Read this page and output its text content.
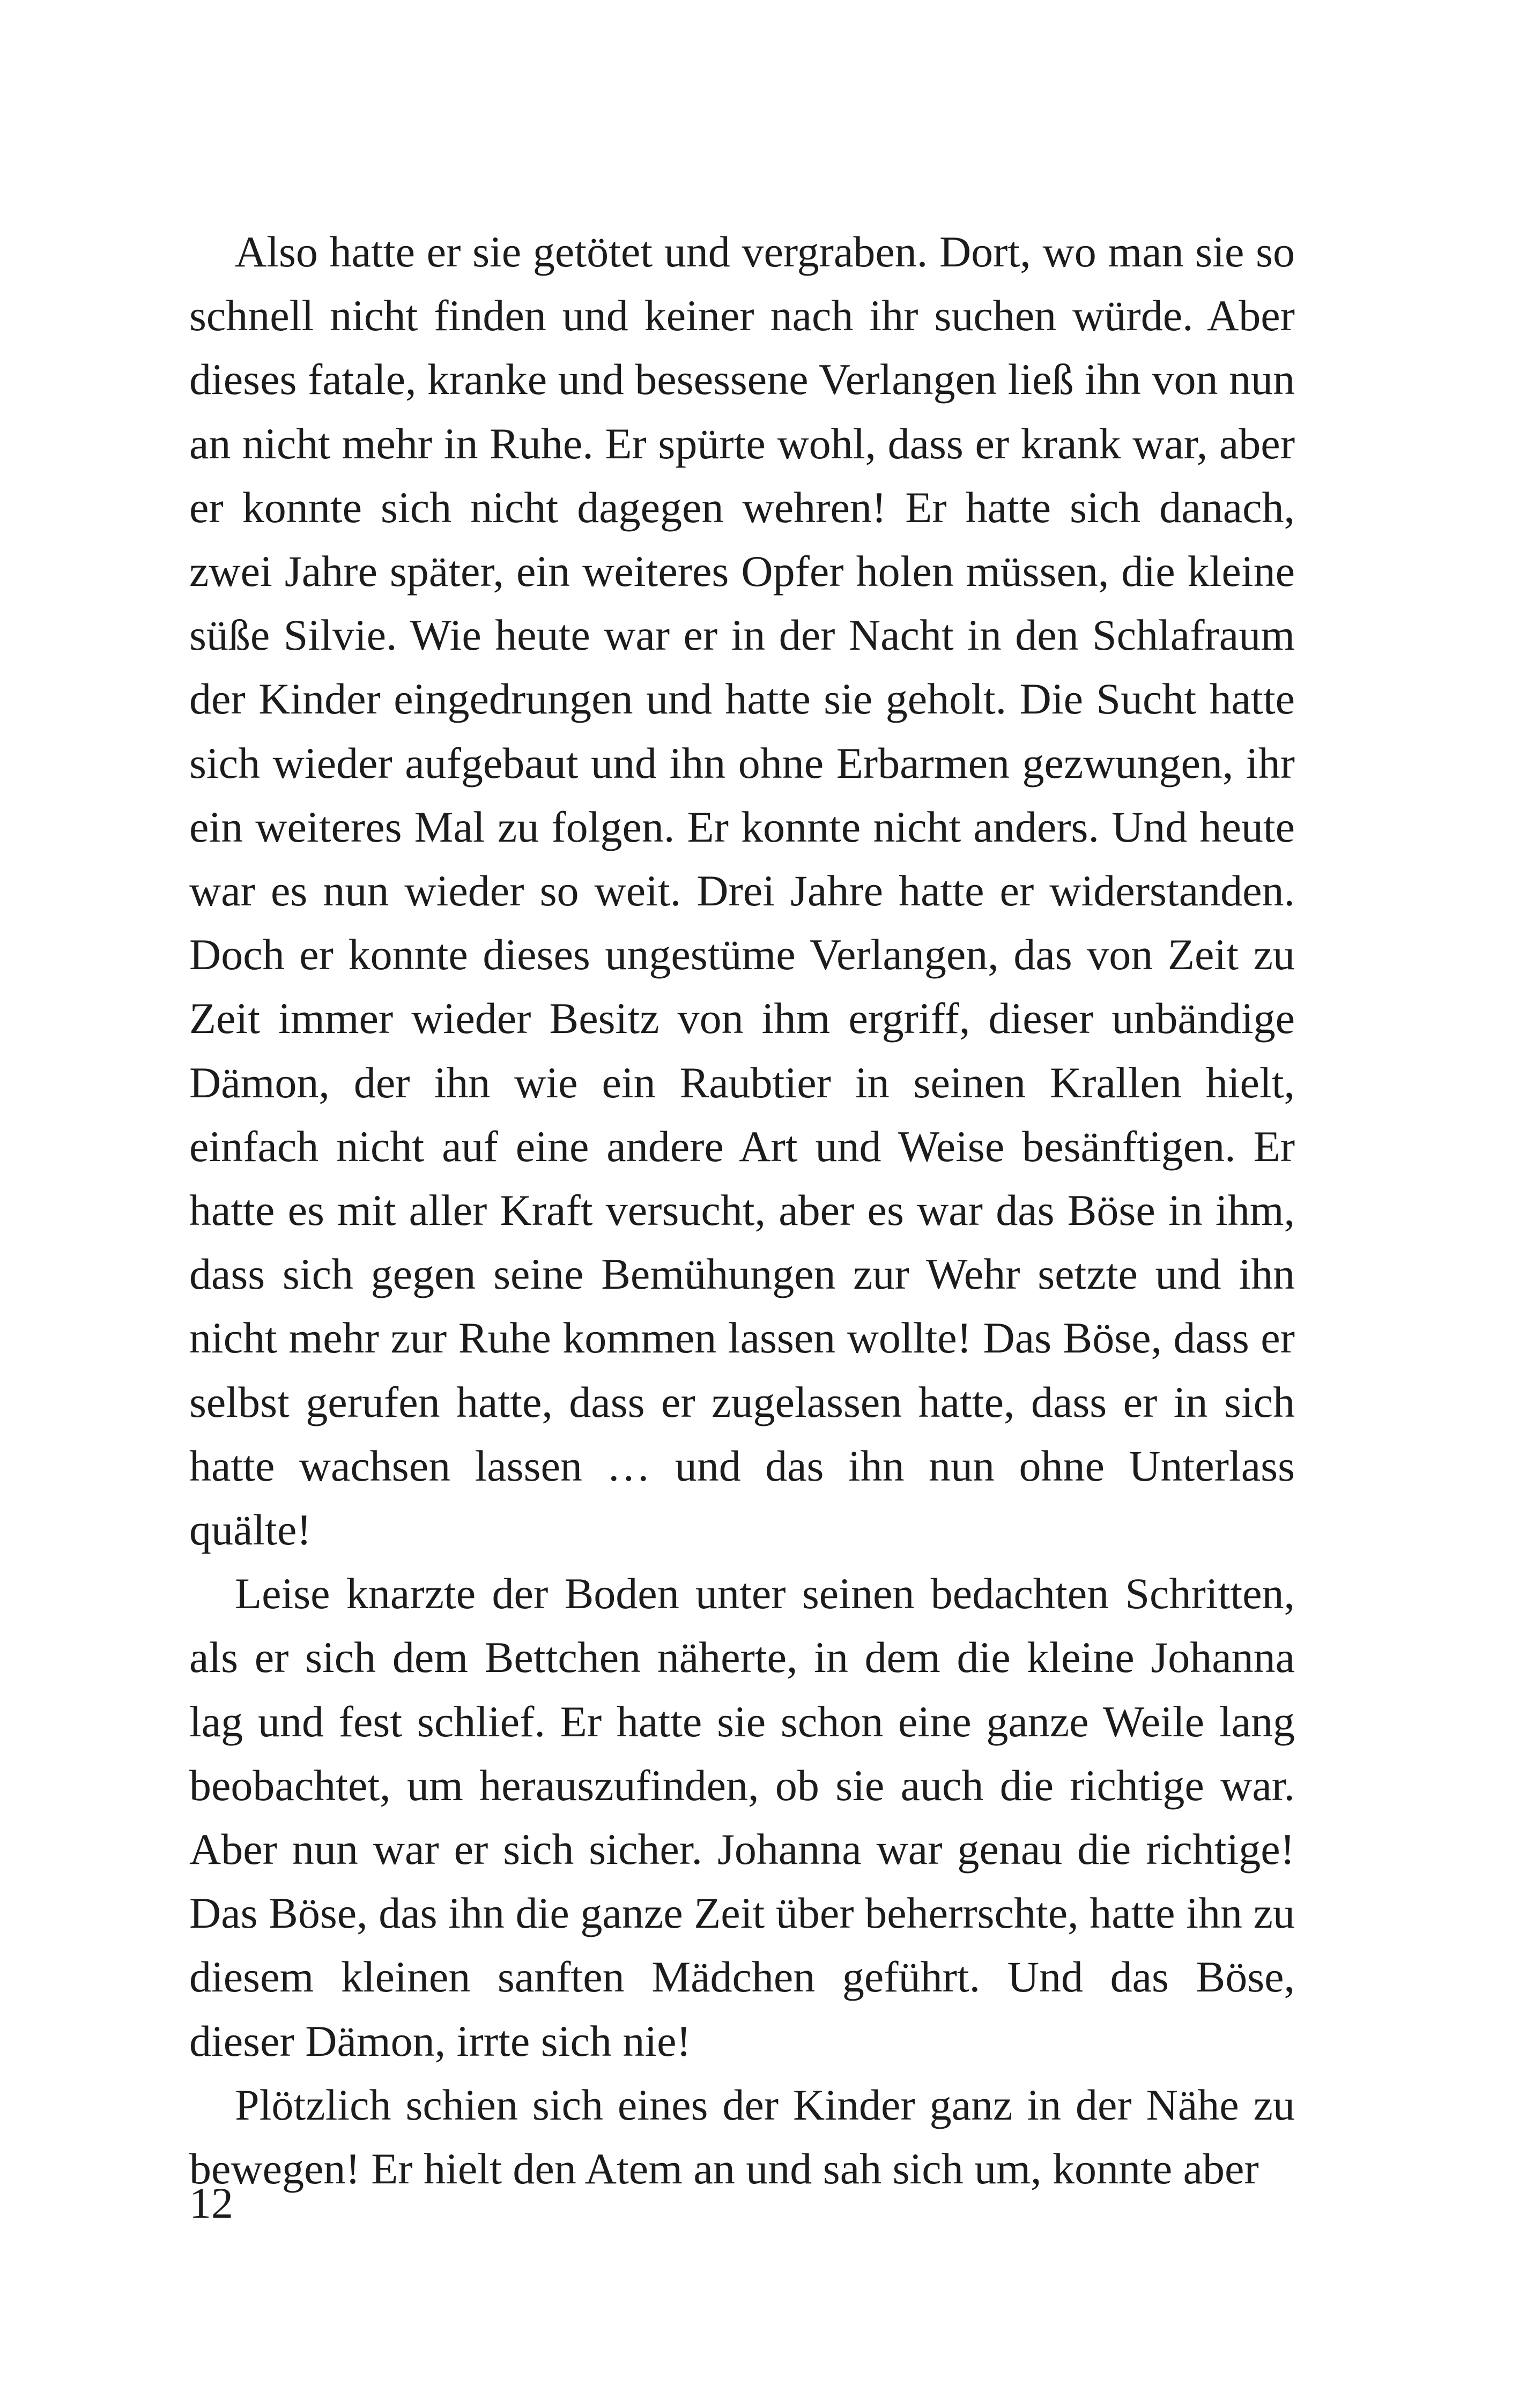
Also hatte er sie getötet und vergraben. Dort, wo man sie so schnell nicht finden und keiner nach ihr suchen würde. Aber dieses fatale, kranke und besessene Verlangen ließ ihn von nun an nicht mehr in Ruhe. Er spürte wohl, dass er krank war, aber er konnte sich nicht dagegen wehren! Er hatte sich danach, zwei Jahre später, ein weiteres Opfer holen müssen, die kleine süße Silvie. Wie heute war er in der Nacht in den Schlafraum der Kinder eingedrungen und hatte sie geholt. Die Sucht hatte sich wieder aufgebaut und ihn ohne Erbarmen gezwungen, ihr ein weiteres Mal zu folgen. Er konnte nicht anders. Und heute war es nun wieder so weit. Drei Jahre hatte er widerstanden. Doch er konnte dieses ungestüme Verlangen, das von Zeit zu Zeit immer wieder Besitz von ihm ergriff, dieser unbändige Dämon, der ihn wie ein Raubtier in seinen Krallen hielt, einfach nicht auf eine andere Art und Weise besänftigen. Er hatte es mit aller Kraft versucht, aber es war das Böse in ihm, dass sich gegen seine Bemühungen zur Wehr setzte und ihn nicht mehr zur Ruhe kommen lassen wollte! Das Böse, dass er selbst gerufen hatte, dass er zugelassen hatte, dass er in sich hatte wachsen lassen … und das ihn nun ohne Unterlass quälte!

Leise knarzte der Boden unter seinen bedachten Schritten, als er sich dem Bettchen näherte, in dem die kleine Johanna lag und fest schlief. Er hatte sie schon eine ganze Weile lang beobachtet, um herauszufinden, ob sie auch die richtige war. Aber nun war er sich sicher. Johanna war genau die richtige! Das Böse, das ihn die ganze Zeit über beherrschte, hatte ihn zu diesem kleinen sanften Mädchen geführt. Und das Böse, dieser Dämon, irrte sich nie!

Plötzlich schien sich eines der Kinder ganz in der Nähe zu bewegen! Er hielt den Atem an und sah sich um, konnte aber

12
